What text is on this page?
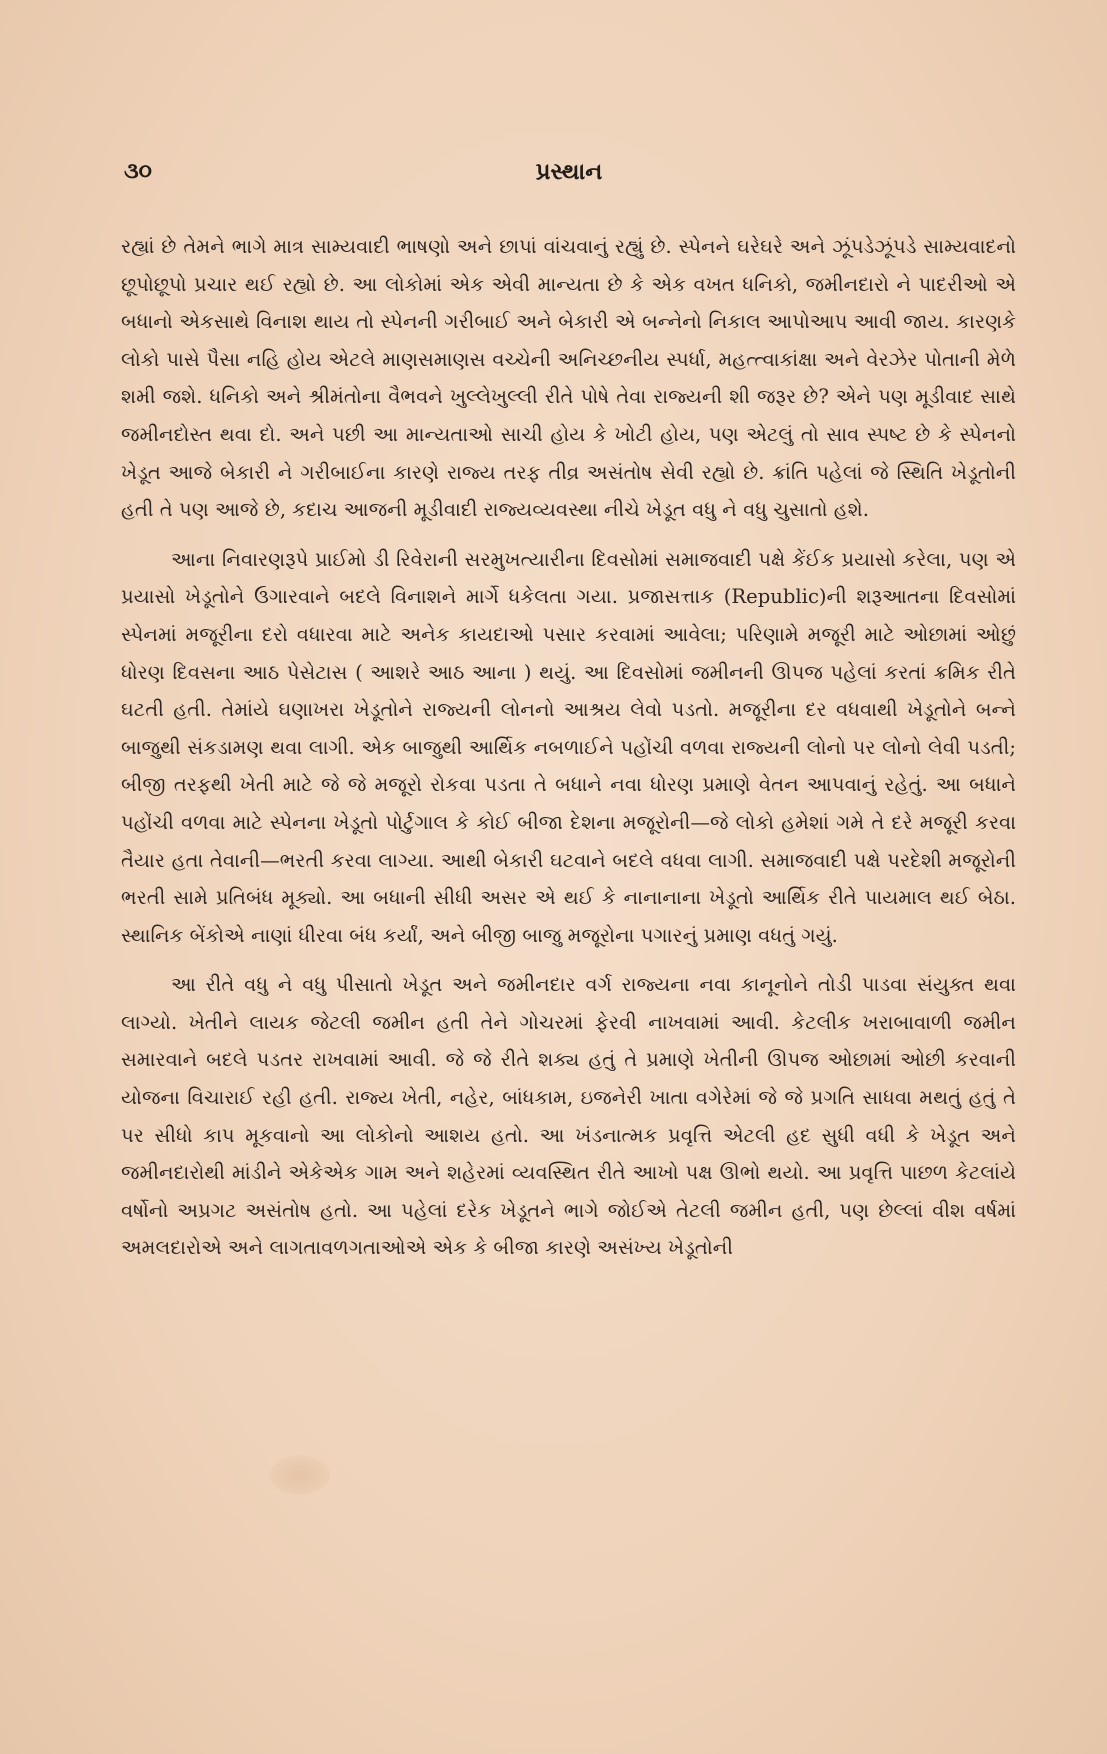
૩૦	પ્રસ્થાન

રહ્યાં છે તેમને ભાગે માત્ર સામ્યવાદી ભાષણો અને છાપાં વાંચવાનું રહ્યું છે. સ્પેનને ઘરેઘરે અને ઝૂંપડેઝૂંપડે સામ્યવાદનો છૂપોછૂપો પ્રચાર થઈ રહ્યો છે. આ લોકોમાં એક એવી માન્યતા છે કે એક વખત ધનિકો, જમીનદારો ને પાદરીઓ એ બધાનો એકસાથે વિનાશ થાય તો સ્પેનની ગરીબાઈ અને બેકારી એ બન્નેનો નિકાલ આપોઆપ આવી જાય. કારણકે લોકો પાસે પૈસા નહિ હોય એટલે માણસમાણસ વચ્ચેની અનિચ્છનીય સ્પર્ધા, મહત્ત્વાકાંક્ષા અને વેરઝેર પોતાની મેળે શમી જશે. ધનિકો અને શ્રીમંતોના વૈભવને ખુલ્લેખુલ્લી રીતે પોષે તેવા રાજ્યની શી જરૂર છે? એને પણ મૂડીવાદ સાથે જમીનદોસ્ત થવા દો. અને પછી આ માન્યતાઓ સાચી હોય કે ખોટી હોય, પણ એટલું તો સાવ સ્પષ્ટ છે કે સ્પેનનો ખેડૂત આજે બેકારી ને ગરીબાઈના કારણે રાજ્ય તરફ તીવ્ર અસંતોષ સેવી રહ્યો છે. ક્રાંતિ પહેલાં જે સ્થિતિ ખેડૂતોની હતી તે પણ આજે છે, કદાચ આજની મૂડીવાદી રાજ્યવ્યવસ્થા નીચે ખેડૂત વધુ ને વધુ ચુસાતો હશે.

આના નિવારણરૂપે પ્રાઈમો ડી રિવેરાની સરમુખત્યારીના દિવસોમાં સમાજવાદી પક્ષે કેંઈક પ્રયાસો કરેલા, પણ એ પ્રયાસો ખેડૂતોને ઉગારવાને બદલે વિનાશને માર્ગે ધકેલતા ગયા. પ્રજાસત્તાક (Republic)ની શરૂઆતના દિવસોમાં સ્પેનમાં મજૂરીના દરો વધારવા માટે અનેક કાયદાઓ પસાર કરવામાં આવેલા; પરિણામે મજૂરી માટે ઓછામાં ઓછું ધોરણ દિવસના આઠ પેસેટાસ ( આશરે આઠ આના ) થયું. આ દિવસોમાં જમીનની ઊપજ પહેલાં કરતાં ક્રમિક રીતે ઘટતી હતી. તેમાંયે ઘણાખરા ખેડૂતોને રાજ્યની લોનનો આશ્રય લેવો પડતો. મજૂરીના દર વધવાથી ખેડૂતોને બન્ને બાજુથી સંકડામણ થવા લાગી. એક બાજુથી આર્થિક નબળાઈને પહોંચી વળવા રાજ્યની લોનો પર લોનો લેવી પડતી; બીજી તરફથી ખેતી માટે જે જે મજૂરો રોકવા પડતા તે બધાને નવા ધોરણ પ્રમાણે વેતન આપવાનું રહેતું. આ બધાને પહોંચી વળવા માટે સ્પેનના ખેડૂતો પોર્ટુગાલ કે કોઈ બીજા દેશના મજૂરોની—જે લોકો હમેશાં ગમે તે દરે મજૂરી કરવા તૈયાર હતા તેવાની—ભરતી કરવા લાગ્યા. આથી બેકારી ઘટવાને બદલે વધવા લાગી. સમાજવાદી પક્ષે પરદેશી મજૂરોની ભરતી સામે પ્રતિબંધ મૂક્યો. આ બધાની સીધી અસર એ થઈ કે નાનાનાના ખેડૂતો આર્થિક રીતે પાયમાલ થઈ બેઠા. સ્થાનિક બેંકોએ નાણાં ધીરવા બંધ કર્યાં, અને બીજી બાજુ મજૂરોના પગારનું પ્રમાણ વધતું ગયું.

આ રીતે વધુ ને વધુ પીસાતો ખેડૂત અને જમીનદાર વર્ગ રાજ્યના નવા કાનૂનોને તોડી પાડવા સંયુક્ત થવા લાગ્યો. ખેતીને લાયક જેટલી જમીન હતી તેને ગોચરમાં ફેરવી નાખવામાં આવી. કેટલીક ખરાબાવાળી જમીન સમારવાને બદલે પડતર રાખવામાં આવી. જે જે રીતે શક્ય હતું તે પ્રમાણે ખેતીની ઊપજ ઓછામાં ઓછી કરવાની યોજના વિચારાઈ રહી હતી. રાજ્ય ખેતી, નહેર, બાંધકામ, ઇજનેરી ખાતા વગેરેમાં જે જે પ્રગતિ સાધવા મથતું હતું તે પર સીધો કાપ મૂકવાનો આ લોકોનો આશય હતો. આ ખંડનાત્મક પ્રવૃત્તિ એટલી હદ સુધી વધી કે ખેડૂત અને જમીનદારોથી માંડીને એકેએક ગામ અને શહેરમાં વ્યવસ્થિત રીતે આખો પક્ષ ઊભો થયો. આ પ્રવૃત્તિ પાછળ કેટલાંયે વર્ષોનો અપ્રગટ અસંતોષ હતો. આ પહેલાં દરેક ખેડૂતને ભાગે જોઈએ તેટલી જમીન હતી, પણ છેલ્લાં વીશ વર્ષમાં અમલદારોએ અને લાગતાવળગતાઓએ એક કે બીજા કારણે અસંખ્ય ખેડૂતોની
